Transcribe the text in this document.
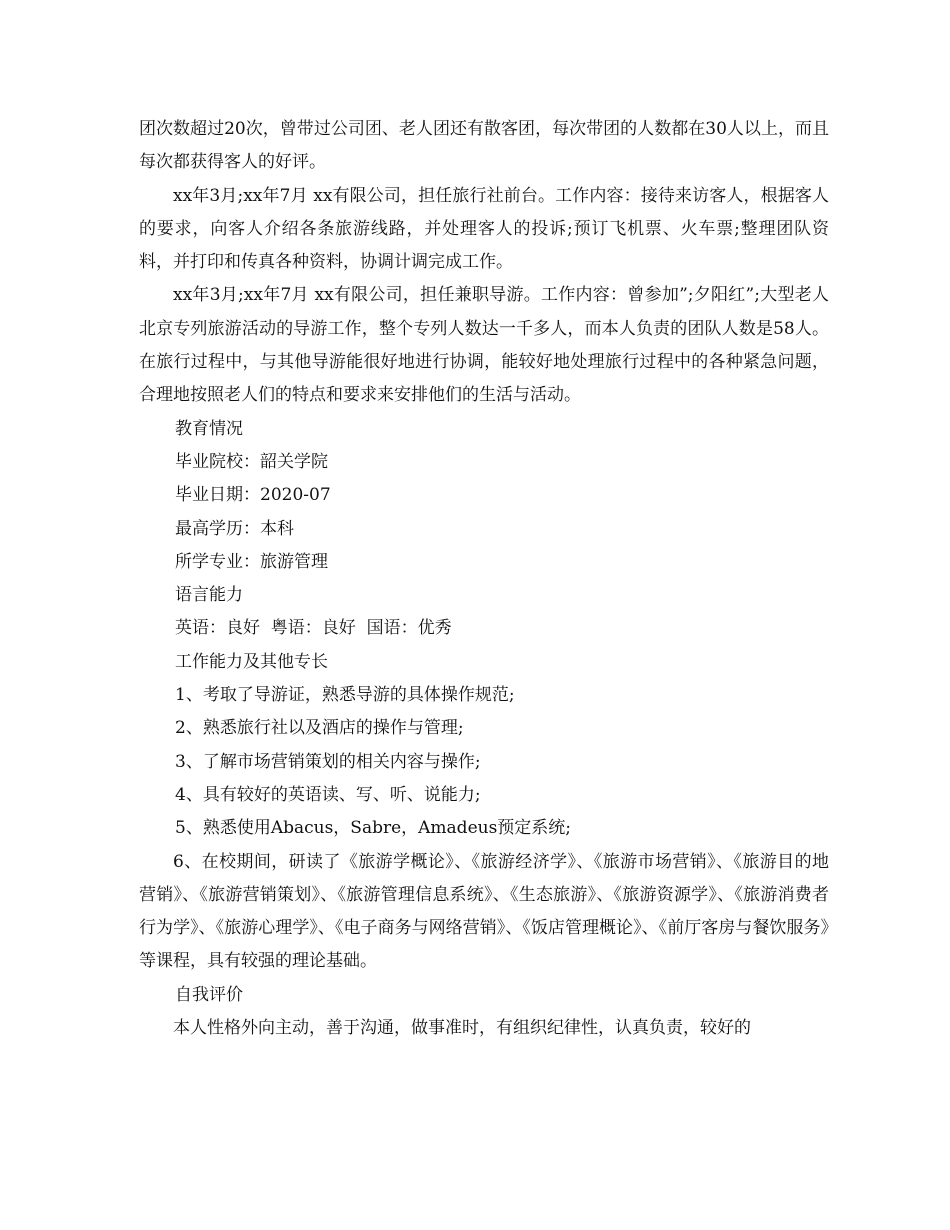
团次数超过20次，曾带过公司团、老人团还有散客团，每次带团的人数都在30人以上，而且每次都获得客人的好评。

xx年3月;xx年7月 xx有限公司，担任旅行社前台。工作内容：接待来访客人，根据客人的要求，向客人介绍各条旅游线路，并处理客人的投诉;预订飞机票、火车票;整理团队资料，并打印和传真各种资料，协调计调完成工作。

xx年3月;xx年7月 xx有限公司，担任兼职导游。工作内容：曾参加”;夕阳红”;大型老人北京专列旅游活动的导游工作，整个专列人数达一千多人，而本人负责的团队人数是58人。在旅行过程中，与其他导游能很好地进行协调，能较好地处理旅行过程中的各种紧急问题，合理地按照老人们的特点和要求来安排他们的生活与活动。

教育情况

毕业院校：韶关学院

毕业日期：2020-07

最高学历：本科

所学专业：旅游管理

语言能力

英语：良好  粤语：良好  国语：优秀

工作能力及其他专长

1、考取了导游证，熟悉导游的具体操作规范;

2、熟悉旅行社以及酒店的操作与管理;

3、了解市场营销策划的相关内容与操作;

4、具有较好的英语读、写、听、说能力;

5、熟悉使用Abacus，Sabre，Amadeus预定系统;

6、在校期间，研读了《旅游学概论》、《旅游经济学》、《旅游市场营销》、《旅游目的地营销》、《旅游营销策划》、《旅游管理信息系统》、《生态旅游》、《旅游资源学》、《旅游消费者行为学》、《旅游心理学》、《电子商务与网络营销》、《饭店管理概论》、《前厅客房与餐饮服务》等课程，具有较强的理论基础。

自我评价

本人性格外向主动，善于沟通，做事准时，有组织纪律性，认真负责，较好的
